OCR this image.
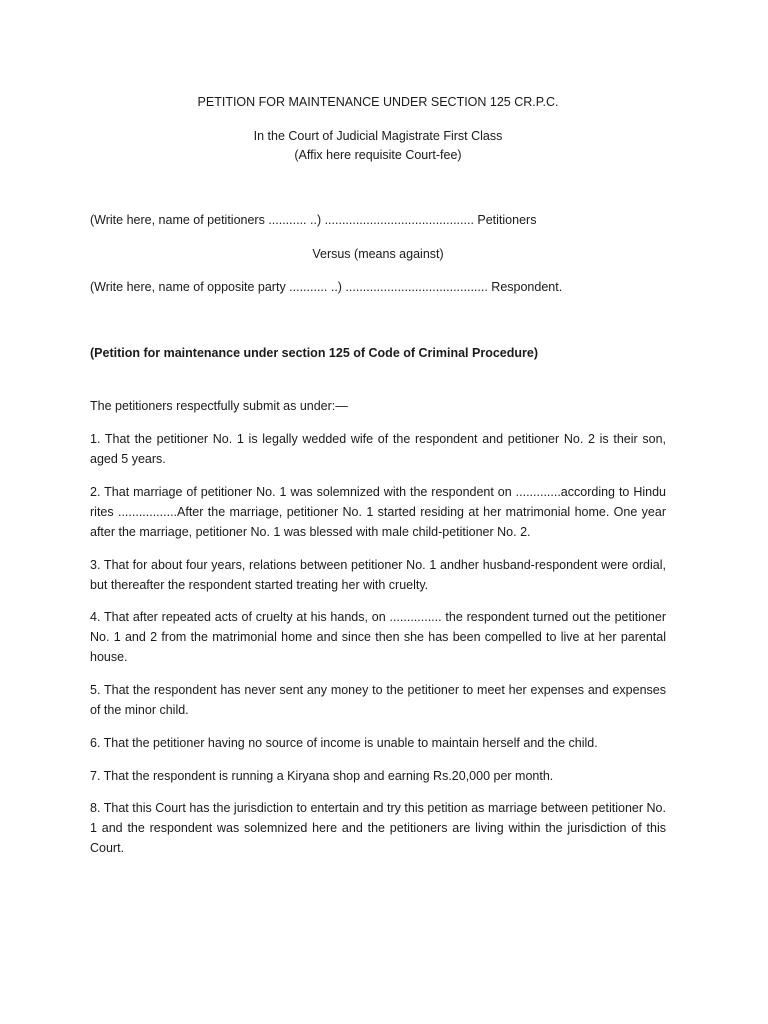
PETITION FOR MAINTENANCE UNDER SECTION 125 CR.P.C.
In the Court of Judicial Magistrate First Class
(Affix here requisite Court-fee)
(Write here, name of petitioners ........... ..) ........................................... Petitioners
Versus (means against)
(Write here, name of opposite party ........... ..) ......................................... Respondent.
(Petition for maintenance under section 125 of Code of Criminal Procedure)
The petitioners respectfully submit as under:—
1. That the petitioner No. 1 is legally wedded wife of the respondent and petitioner No. 2 is their son, aged 5 years.
2. That marriage of petitioner No. 1 was solemnized with the respondent on .............according to Hindu rites .................After the marriage, petitioner No. 1 started residing at her matrimonial home. One year after the marriage, petitioner No. 1 was blessed with male child-petitioner No. 2.
3. That for about four years, relations between petitioner No. 1 andher husband-respondent were ordial, but thereafter the respondent started treating her with cruelty.
4. That after repeated acts of cruelty at his hands, on ............... the respondent turned out the petitioner No. 1 and 2 from the matrimonial home and since then she has been compelled to live at her parental house.
5. That the respondent has never sent any money to the petitioner to meet her expenses and expenses of the minor child.
6. That the petitioner having no source of income is unable to maintain herself and the child.
7. That the respondent is running a Kiryana shop and earning Rs.20,000 per month.
8. That this Court has the jurisdiction to entertain and try this petition as marriage between petitioner No. 1 and the respondent was solemnized here and the petitioners are living within the jurisdiction of this Court.
